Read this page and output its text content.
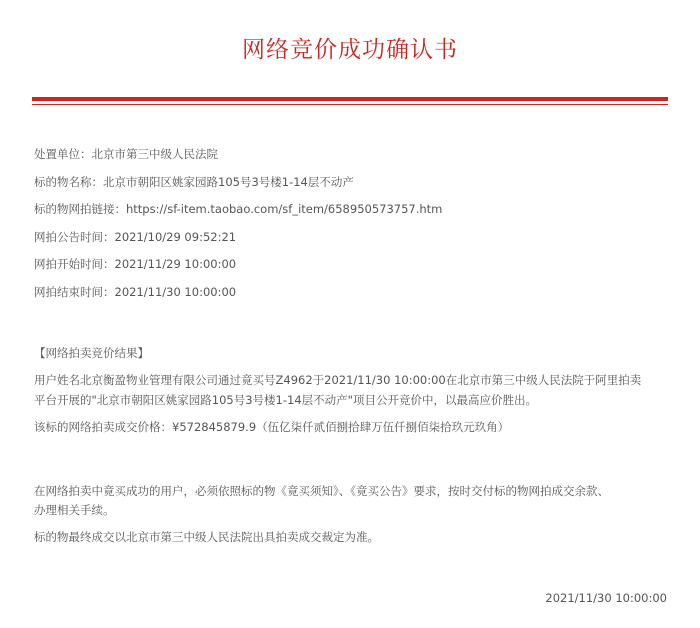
网络竞价成功确认书
处置单位：北京市第三中级人民法院
标的物名称：北京市朝阳区姚家园路105号3号楼1-14层不动产
标的物网拍链接：https://sf-item.taobao.com/sf_item/658950573757.htm
网拍公告时间：2021/10/29 09:52:21
网拍开始时间：2021/11/29 10:00:00
网拍结束时间：2021/11/30 10:00:00
【网络拍卖竞价结果】
用户姓名北京衡盈物业管理有限公司通过竟买号Z4962于2021/11/30 10:00:00在北京市第三中级人民法院于阿里拍卖
平台开展的"北京市朝阳区姚家园路105号3号楼1-14层不动产"项目公开竞价中，以最高应价胜出。
该标的网络拍卖成交价格：¥572845879.9（伍亿柒仟贰佰捌拾肆万伍仟捌佰柒拾玖元玖角）
在网络拍卖中竟买成功的用户，必须依照标的物《竟买须知》、《竟买公告》要求，按时交付标的物网拍成交余款、
办理相关手续。
标的物最终成交以北京市第三中级人民法院出具拍卖成交裁定为准。
2021/11/30 10:00:00
